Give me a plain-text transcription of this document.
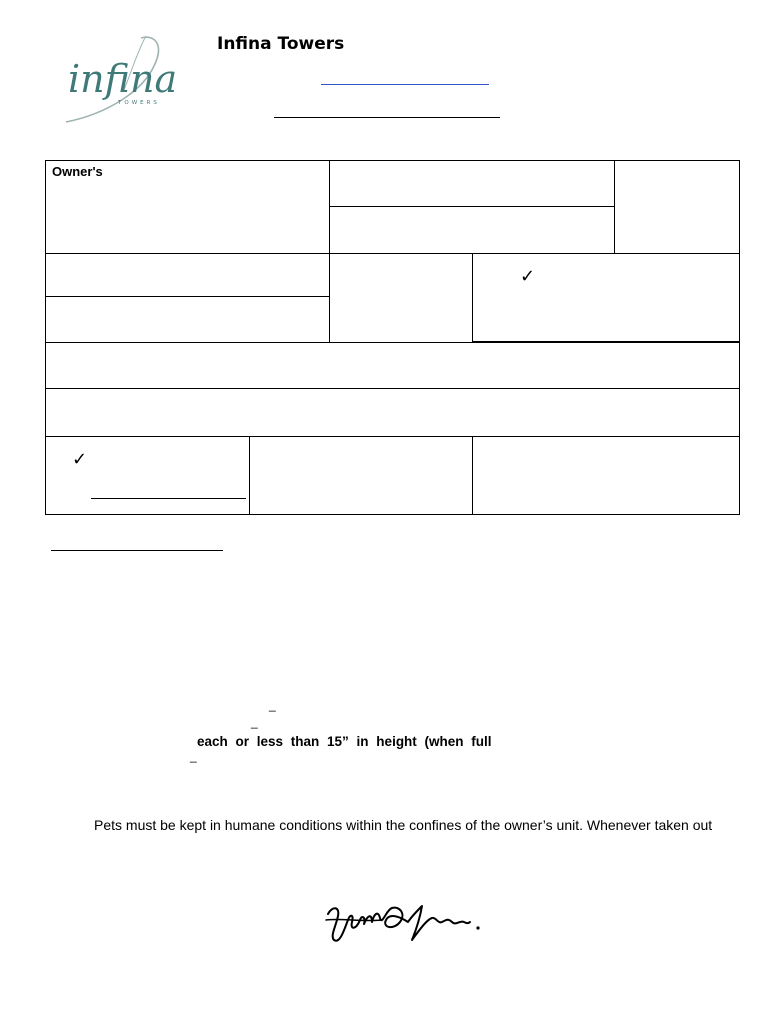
infina
TOWERS
Infina Towers
Owner's
✓
✓
_
_
_
each or less than 15” in height (when full
Pets must be kept in humane conditions within the confines of the owner’s unit. Whenever taken out
